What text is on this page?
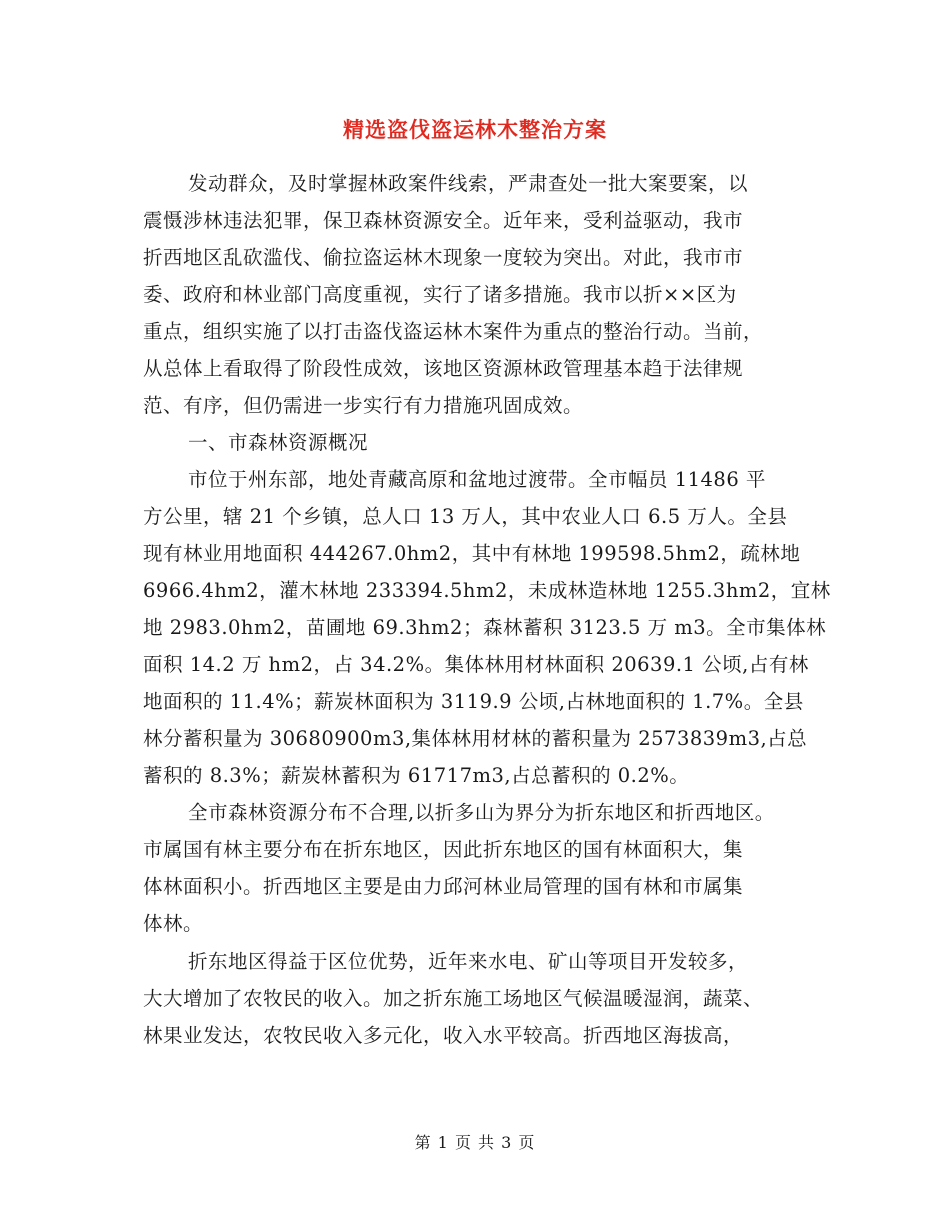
精选盗伐盗运林木整治方案
发动群众，及时掌握林政案件线索，严肃查处一批大案要案，以
震慑涉林违法犯罪，保卫森林资源安全。近年来，受利益驱动，我市
折西地区乱砍滥伐、偷拉盗运林木现象一度较为突出。对此，我市市
委、政府和林业部门高度重视，实行了诸多措施。我市以折××区为
重点，组织实施了以打击盗伐盗运林木案件为重点的整治行动。当前，
从总体上看取得了阶段性成效，该地区资源林政管理基本趋于法律规
范、有序，但仍需进一步实行有力措施巩固成效。
一、市森林资源概况
市位于州东部，地处青藏高原和盆地过渡带。全市幅员 11486 平
方公里，辖 21 个乡镇，总人口 13 万人，其中农业人口 6.5 万人。全县
现有林业用地面积 444267.0hm2，其中有林地 199598.5hm2，疏林地
6966.4hm2，灌木林地 233394.5hm2，未成林造林地 1255.3hm2，宜林
地 2983.0hm2，苗圃地 69.3hm2；森林蓄积 3123.5 万 m3。全市集体林
面积 14.2 万 hm2，占 34.2%。集体林用材林面积 20639.1 公顷,占有林
地面积的 11.4%；薪炭林面积为 3119.9 公顷,占林地面积的 1.7%。全县
林分蓄积量为 30680900m3,集体林用材林的蓄积量为 2573839m3,占总
蓄积的 8.3%；薪炭林蓄积为 61717m3,占总蓄积的 0.2%。
全市森林资源分布不合理,以折多山为界分为折东地区和折西地区。
市属国有林主要分布在折东地区，因此折东地区的国有林面积大，集
体林面积小。折西地区主要是由力邱河林业局管理的国有林和市属集
体林。
折东地区得益于区位优势，近年来水电、矿山等项目开发较多，
大大增加了农牧民的收入。加之折东施工场地区气候温暖湿润，蔬菜、
林果业发达，农牧民收入多元化，收入水平较高。折西地区海拔高，
第 1 页 共 3 页
